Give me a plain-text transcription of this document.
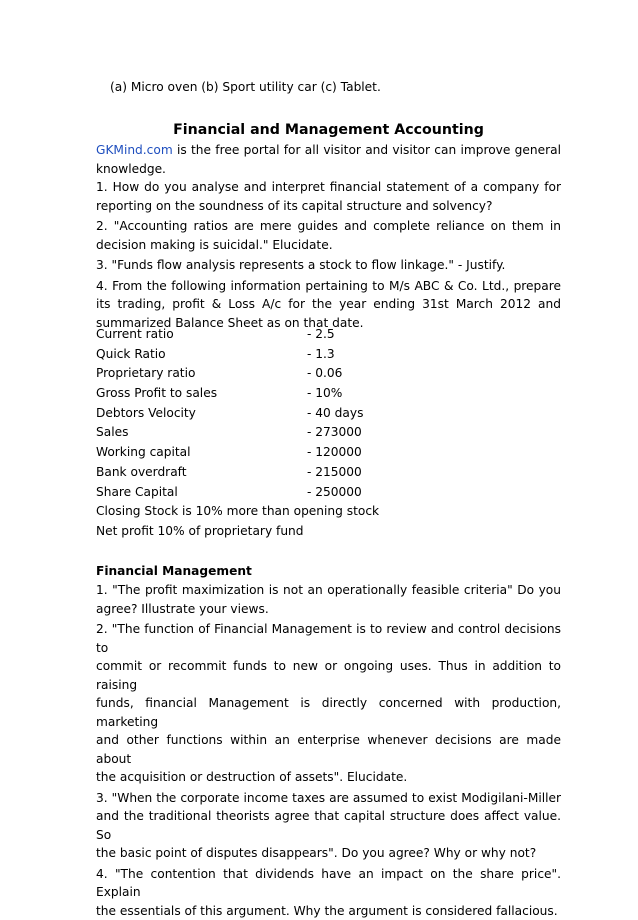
(a) Micro oven (b) Sport utility car (c) Tablet.
Financial and Management Accounting

GKMind.com is the free portal for all visitor and visitor can improve general
knowledge.

1. How do you analyse and interpret financial statement of a company for
reporting on the soundness of its capital structure and solvency?

2. "Accounting ratios are mere guides and complete reliance on them in
decision making is suicidal." Elucidate.

3. "Funds flow analysis represents a stock to flow linkage." - Justify.

4. From the following information pertaining to M/s ABC & Co. Ltd., prepare
its trading, profit & Loss A/c for the year ending 31st March 2012 and
summarized Balance Sheet as on that date.

Current ratio	- 2.5
Quick Ratio	- 1.3
Proprietary ratio	- 0.06
Gross Profit to sales	- 10%
Debtors Velocity	- 40 days
Sales	- 273000
Working capital	- 120000
Bank overdraft	- 215000
Share Capital	- 250000
Closing Stock is 10% more than opening stock
Net profit 10% of proprietary fund

Financial Management

1. "The profit maximization is not an operationally feasible criteria" Do you
agree? Illustrate your views.

2. "The function of Financial Management is to review and control decisions to
commit or recommit funds to new or ongoing uses. Thus in addition to raising
funds, financial Management is directly concerned with production, marketing
and other functions within an enterprise whenever decisions are made about
the acquisition or destruction of assets". Elucidate.

3. "When the corporate income taxes are assumed to exist Modigilani-Miller
and the traditional theorists agree that capital structure does affect value. So
the basic point of disputes disappears". Do you agree? Why or why not?

4. "The contention that dividends have an impact on the share price". Explain
the essentials of this argument. Why the argument is considered fallacious.
